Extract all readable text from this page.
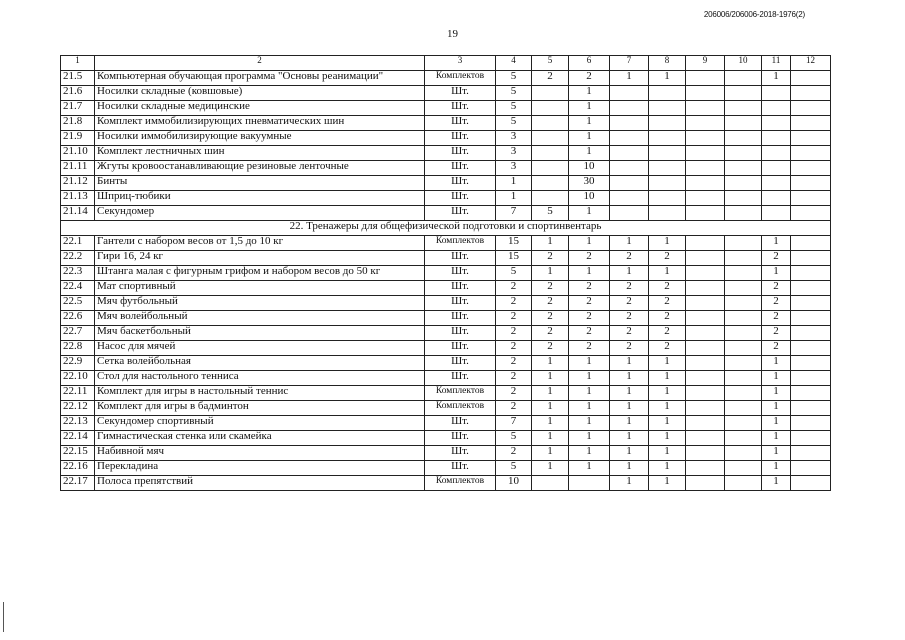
206006/206006-2018-1976(2)
19
1	2	3	4	5	6	7	8	9	10	11	12
21.5	Компьютерная обучающая программа "Основы реанимации"	Комплектов	5	2	2	1	1			1	
21.6	Носилки складные (ковшовые)	Шт.	5		1						
21.7	Носилки складные медицинские	Шт.	5		1						
21.8	Комплект иммобилизирующих пневматических шин	Шт.	5		1						
21.9	Носилки иммобилизирующие вакуумные	Шт.	3		1						
21.10	Комплект лестничных шин	Шт.	3		1						
21.11	Жгуты кровоостанавливающие резиновые ленточные	Шт.	3		10						
21.12	Бинты	Шт.	1		30						
21.13	Шприц-тюбики	Шт.	1		10						
21.14	Секундомер	Шт.	7	5	1						
22. Тренажеры для общефизической подготовки и спортинвентарь											
22.1	Гантели с набором весов от 1,5 до 10 кг	Комплектов	15	1	1	1	1			1	
22.2	Гири 16, 24 кг	Шт.	15	2	2	2	2			2	
22.3	Штанга малая с фигурным грифом и набором весов до 50 кг	Шт.	5	1	1	1	1			1	
22.4	Мат спортивный	Шт.	2	2	2	2	2			2	
22.5	Мяч футбольный	Шт.	2	2	2	2	2			2	
22.6	Мяч волейбольный	Шт.	2	2	2	2	2			2	
22.7	Мяч баскетбольный	Шт.	2	2	2	2	2			2	
22.8	Насос для мячей	Шт.	2	2	2	2	2			2	
22.9	Сетка волейбольная	Шт.	2	1	1	1	1			1	
22.10	Стол для настольного тенниса	Шт.	2	1	1	1	1			1	
22.11	Комплект для игры в настольный теннис	Комплектов	2	1	1	1	1			1	
22.12	Комплект для игры в бадминтон	Комплектов	2	1	1	1	1			1	
22.13	Секундомер спортивный	Шт.	7	1	1	1	1			1	
22.14	Гимнастическая стенка или скамейка	Шт.	5	1	1	1	1			1	
22.15	Набивной мяч	Шт.	2	1	1	1	1			1	
22.16	Перекладина	Шт.	5	1	1	1	1			1	
22.17	Полоса препятствий	Комплектов	10			1	1			1	
